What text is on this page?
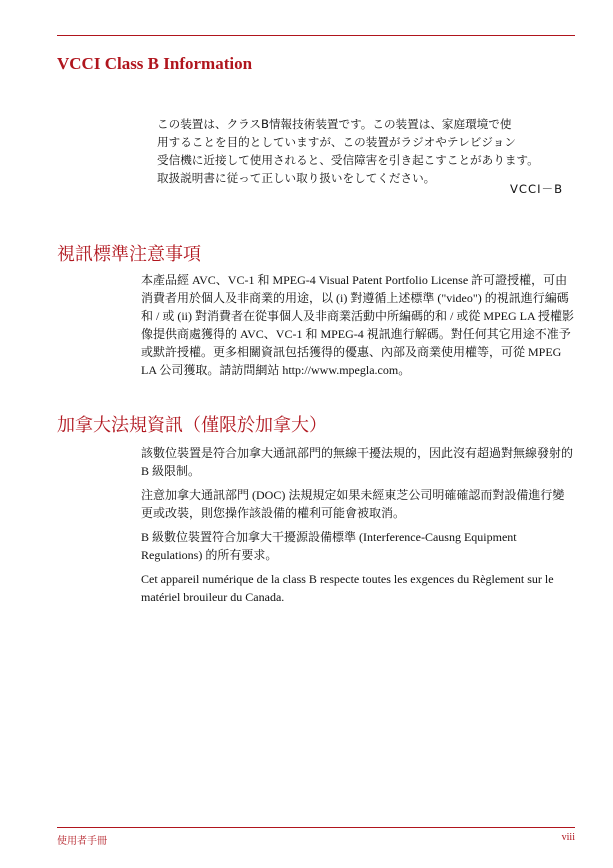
VCCI Class B Information

この装置は、クラスB情報技術装置です。この装置は、家庭環境で使

用することを目的としていますが、この装置がラジオやテレビジョン

受信機に近接して使用されると、受信障害を引き起こすことがあります。

取扱説明書に従って正しい取り扱いをしてください。

VCCI－B
視訊標準注意事項

本產品經 AVC、VC-1 和 MPEG-4 Visual Patent Portfolio License 許可證授權，可由消費者用於個人及非商業的用途，以 (i) 對遵循上述標準 ("video") 的視訊進行編碼和 / 或 (ii) 對消費者在從事個人及非商業活動中所編碼的和 / 或從 MPEG LA 授權影像提供商處獲得的 AVC、VC-1 和 MPEG-4 視訊進行解碼。對任何其它用途不准予或默許授權。更多相關資訊包括獲得的優惠、內部及商業使用權等，可從 MPEG LA 公司獲取。請訪問網站 http://www.mpegla.com。

加拿大法規資訊（僅限於加拿大）

該數位裝置是符合加拿大通訊部門的無線干擾法規的，因此沒有超過對無線發射的 B 級限制。

注意加拿大通訊部門 (DOC) 法規規定如果未經東芝公司明確確認而對設備進行變更或改裝，則您操作該設備的權利可能會被取消。

B 級數位裝置符合加拿大干擾源設備標準 (Interference-Causng Equipment Regulations) 的所有要求。

Cet appareil numérique de la class B respecte toutes les exgences du Règlement sur le matériel brouileur du Canada.

使用者手冊	viii
